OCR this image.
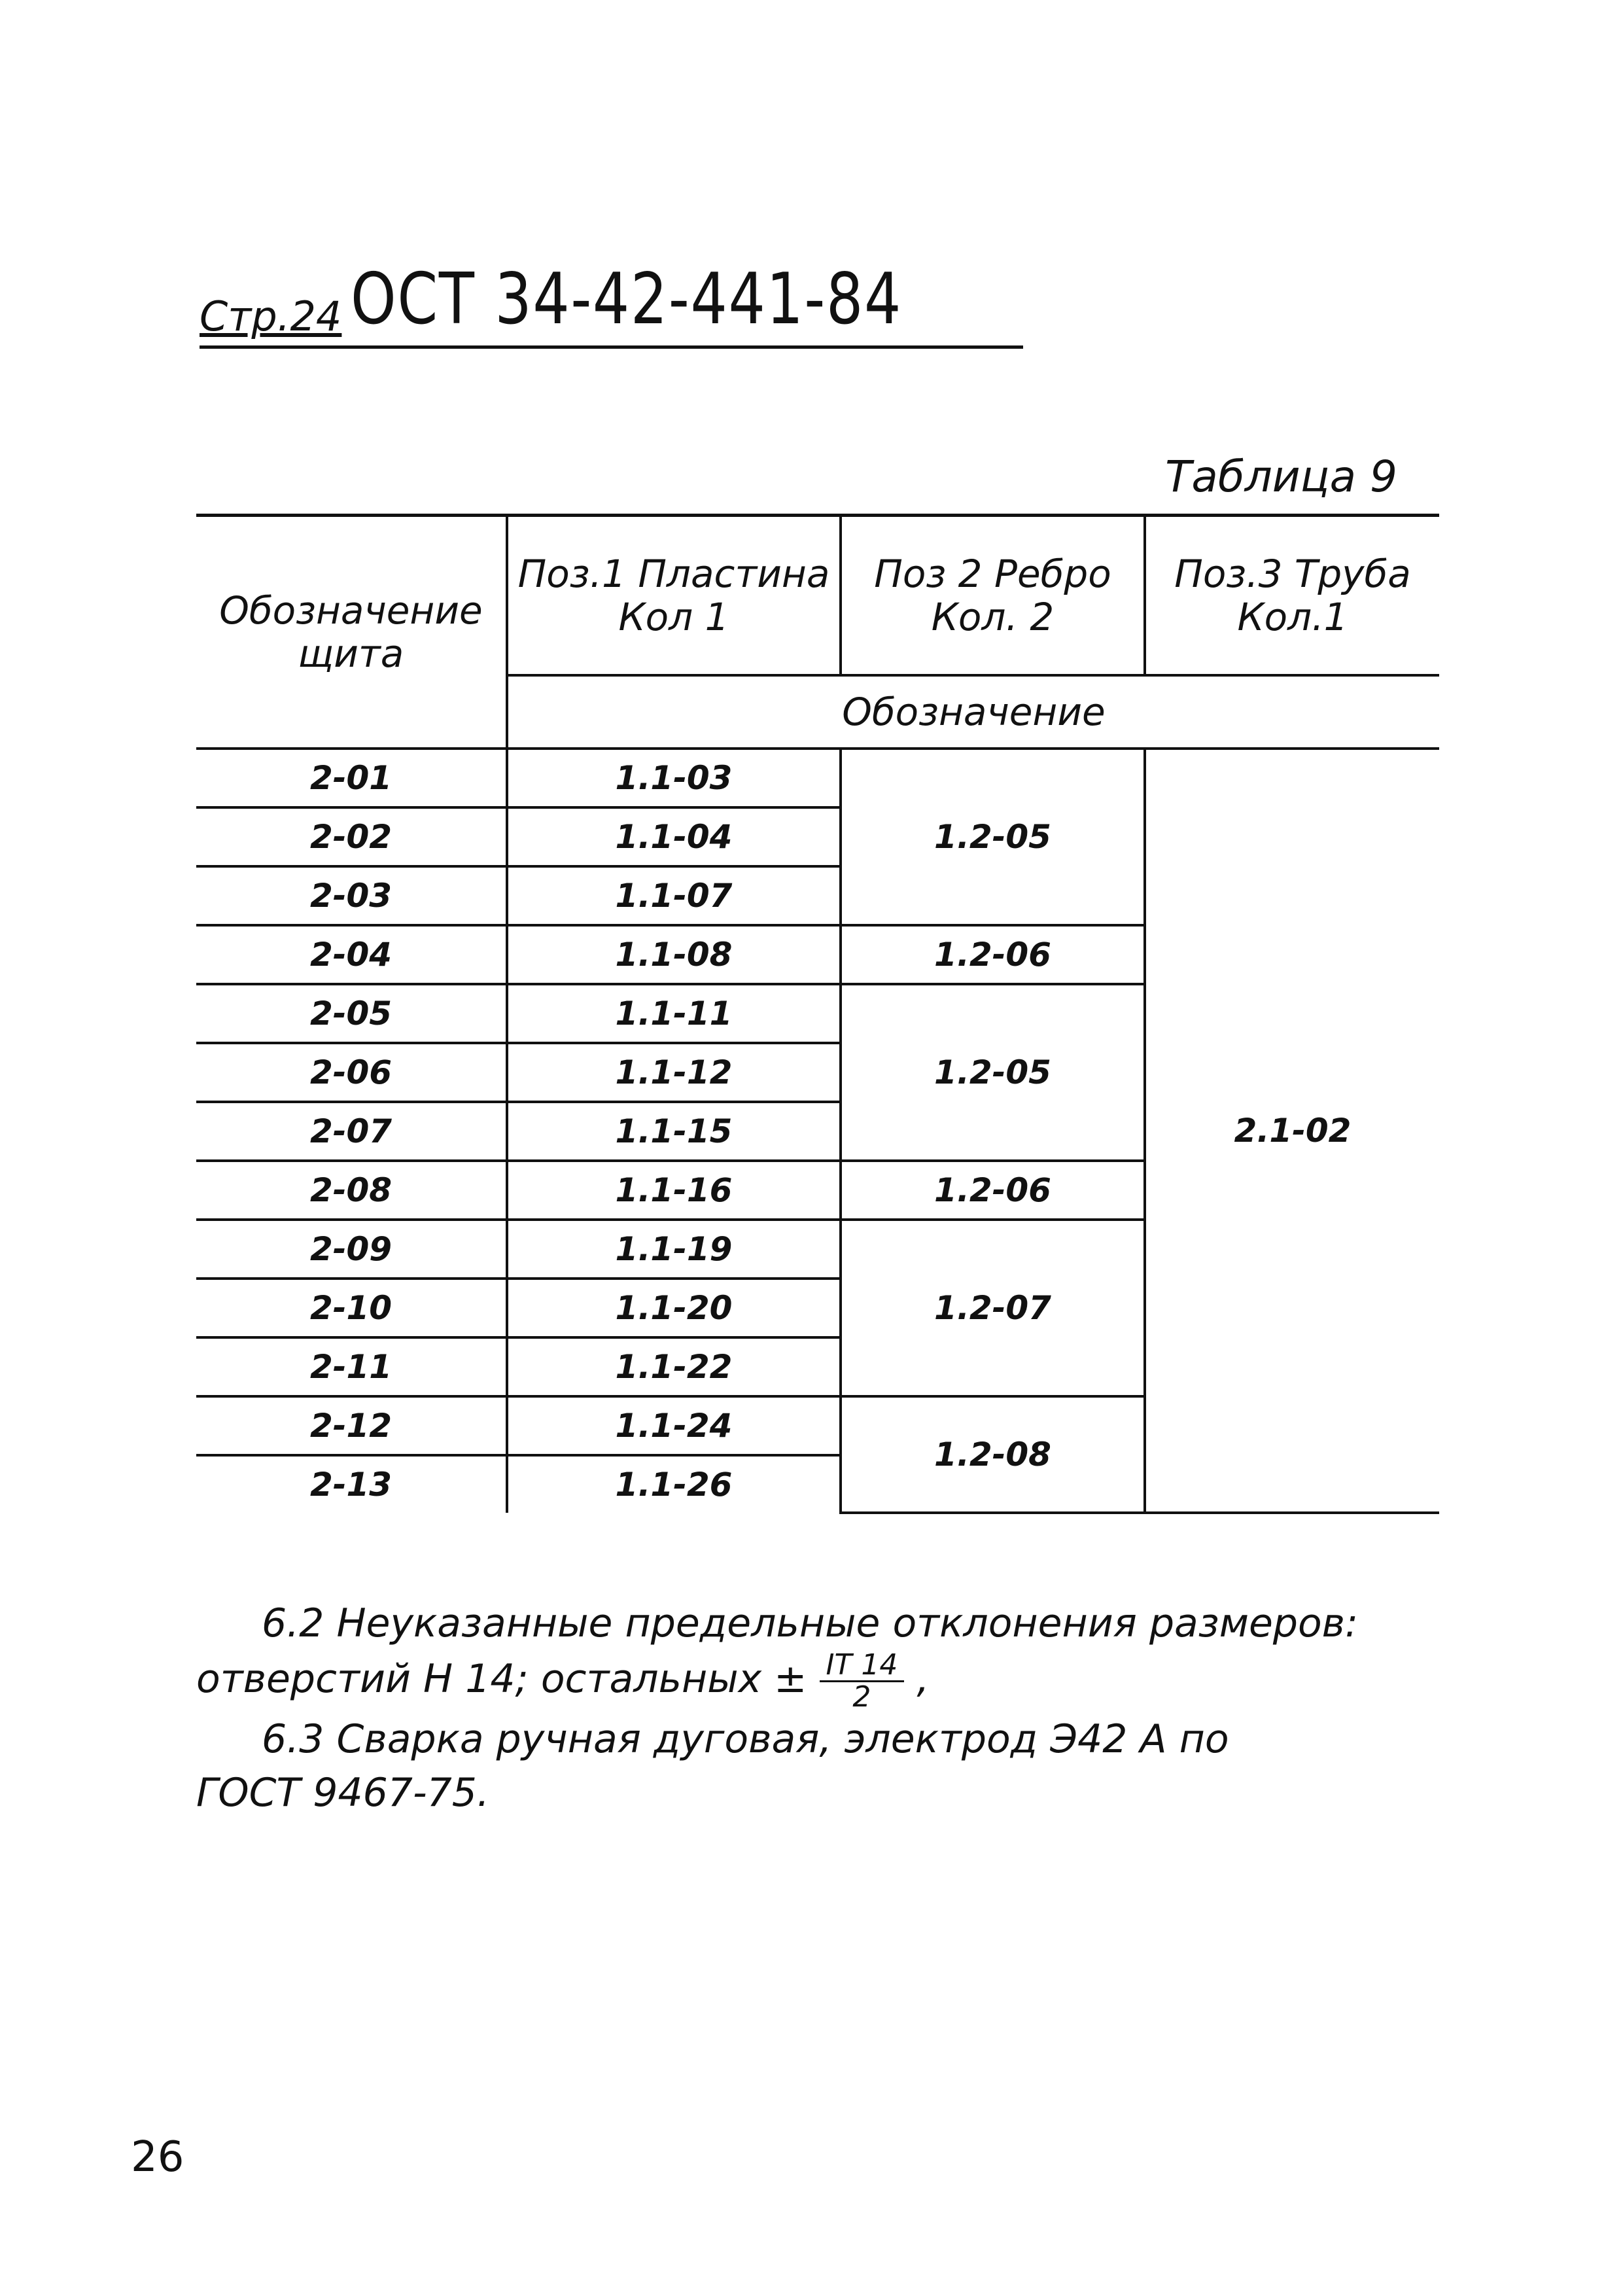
Стр.24 ОСТ 34-42-441-84
Таблица 9
Обозначение щита	Поз.1 Пластина Кол 1	Поз 2 Ребро Кол. 2	Поз.3 Труба Кол.1
	Обозначение		
2-01	1.1-03	1.2-05	2.1-02
2-02	1.1-04		
2-03	1.1-07		
2-04	1.1-08	1.2-06	
2-05	1.1-11	1.2-05	
2-06	1.1-12		
2-07	1.1-15		
2-08	1.1-16	1.2-06	
2-09	1.1-19	1.2-07	
2-10	1.1-20		
2-11	1.1-22		
2-12	1.1-24	1.2-08	
2-13	1.1-26		

6.2 Неуказанные предельные отклонения размеров:

отверстий Н 14; остальных ± $\frac{IT 14}{2}$ ,

6.3 Сварка ручная дуговая, электрод Э42 А по

ГОСТ 9467-75.

26
